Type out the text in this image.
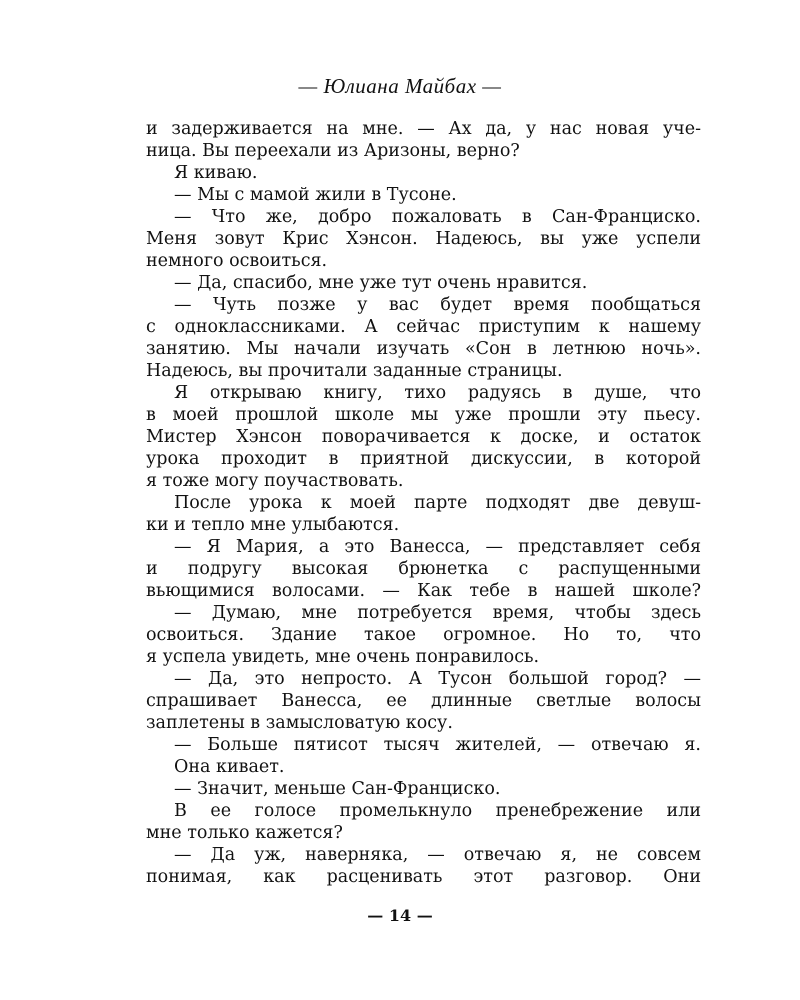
— Юлиана Майбах —
и задерживается на мне. — Ах да, у нас новая уче-
ница. Вы переехали из Аризоны, верно?
Я киваю.
— Мы с мамой жили в Тусоне.
— Что же, добро пожаловать в Сан-Франциско.
Меня зовут Крис Хэнсон. Надеюсь, вы уже успели
немного освоиться.
— Да, спасибо, мне уже тут очень нравится.
— Чуть позже у вас будет время пообщаться
с одноклассниками. А сейчас приступим к нашему
занятию. Мы начали изучать «Сон в летнюю ночь».
Надеюсь, вы прочитали заданные страницы.
Я открываю книгу, тихо радуясь в душе, что
в моей прошлой школе мы уже прошли эту пьесу.
Мистер Хэнсон поворачивается к доске, и остаток
урока проходит в приятной дискуссии, в которой
я тоже могу поучаствовать.
После урока к моей парте подходят две девуш-
ки и тепло мне улыбаются.
— Я Мария, а это Ванесса, — представляет себя
и подругу высокая брюнетка с распущенными
вьющимися волосами. — Как тебе в нашей школе?
— Думаю, мне потребуется время, чтобы здесь
освоиться. Здание такое огромное. Но то, что
я успела увидеть, мне очень понравилось.
— Да, это непросто. А Тусон большой город? —
спрашивает Ванесса, ее длинные светлые волосы
заплетены в замысловатую косу.
— Больше пятисот тысяч жителей, — отвечаю я.
Она кивает.
— Значит, меньше Сан-Франциско.
В ее голосе промелькнуло пренебрежение или
мне только кажется?
— Да уж, наверняка, — отвечаю я, не совсем
понимая, как расценивать этот разговор. Они
— 14 —
